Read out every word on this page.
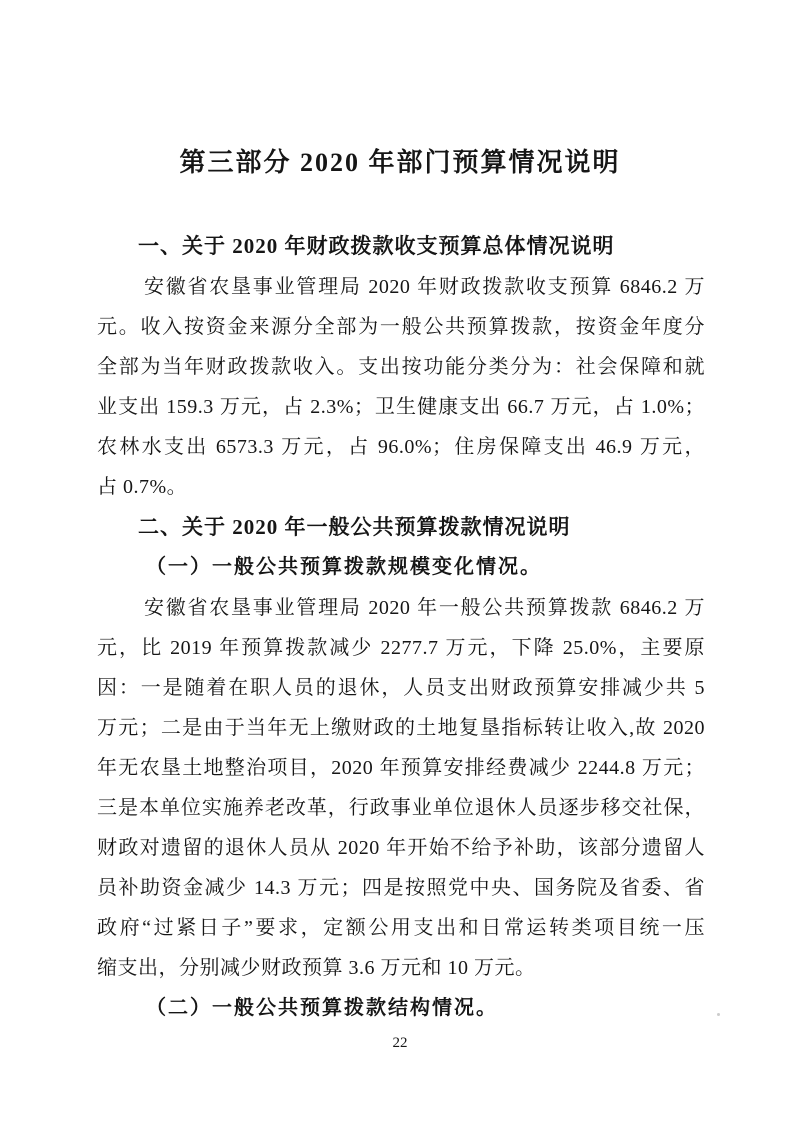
第三部分 2020 年部门预算情况说明
一、关于 2020 年财政拨款收支预算总体情况说明
安徽省农垦事业管理局 2020 年财政拨款收支预算 6846.2 万
元。收入按资金来源分全部为一般公共预算拨款，按资金年度分
全部为当年财政拨款收入。支出按功能分类分为：社会保障和就
业支出 159.3 万元，占 2.3%；卫生健康支出 66.7 万元，占 1.0%；
农林水支出 6573.3 万元，占 96.0%；住房保障支出 46.9 万元，
占 0.7%。
二、关于 2020 年一般公共预算拨款情况说明
（一）一般公共预算拨款规模变化情况。
安徽省农垦事业管理局 2020 年一般公共预算拨款 6846.2 万
元，比 2019 年预算拨款减少 2277.7 万元，下降 25.0%，主要原
因：一是随着在职人员的退休，人员支出财政预算安排减少共 5
万元；二是由于当年无上缴财政的土地复垦指标转让收入,故 2020
年无农垦土地整治项目，2020 年预算安排经费减少 2244.8 万元；
三是本单位实施养老改革，行政事业单位退休人员逐步移交社保，
财政对遗留的退休人员从 2020 年开始不给予补助，该部分遗留人
员补助资金减少 14.3 万元；四是按照党中央、国务院及省委、省
政府“过紧日子”要求，定额公用支出和日常运转类项目统一压
缩支出，分别减少财政预算 3.6 万元和 10 万元。
（二）一般公共预算拨款结构情况。
22
